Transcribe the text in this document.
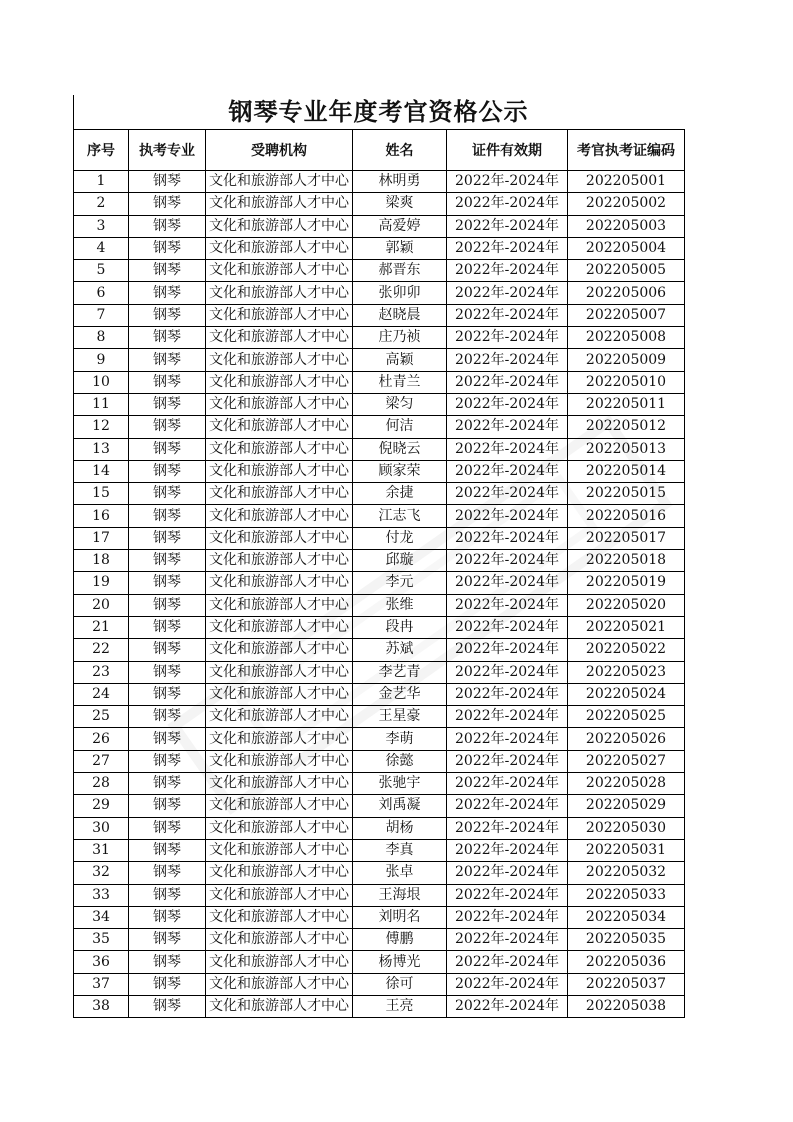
钢琴专业年度考官资格公示
序号	执考专业	受聘机构	姓名	证件有效期	考官执考证编码
1	钢琴	文化和旅游部人才中心	林明勇	2022年-2024年	202205001
2	钢琴	文化和旅游部人才中心	梁爽	2022年-2024年	202205002
3	钢琴	文化和旅游部人才中心	高爱婷	2022年-2024年	202205003
4	钢琴	文化和旅游部人才中心	郭颖	2022年-2024年	202205004
5	钢琴	文化和旅游部人才中心	郝晋东	2022年-2024年	202205005
6	钢琴	文化和旅游部人才中心	张卯卯	2022年-2024年	202205006
7	钢琴	文化和旅游部人才中心	赵晓晨	2022年-2024年	202205007
8	钢琴	文化和旅游部人才中心	庄乃祯	2022年-2024年	202205008
9	钢琴	文化和旅游部人才中心	高颖	2022年-2024年	202205009
10	钢琴	文化和旅游部人才中心	杜青兰	2022年-2024年	202205010
11	钢琴	文化和旅游部人才中心	梁匀	2022年-2024年	202205011
12	钢琴	文化和旅游部人才中心	何洁	2022年-2024年	202205012
13	钢琴	文化和旅游部人才中心	倪晓云	2022年-2024年	202205013
14	钢琴	文化和旅游部人才中心	顾家荣	2022年-2024年	202205014
15	钢琴	文化和旅游部人才中心	余捷	2022年-2024年	202205015
16	钢琴	文化和旅游部人才中心	江志飞	2022年-2024年	202205016
17	钢琴	文化和旅游部人才中心	付龙	2022年-2024年	202205017
18	钢琴	文化和旅游部人才中心	邱璇	2022年-2024年	202205018
19	钢琴	文化和旅游部人才中心	李元	2022年-2024年	202205019
20	钢琴	文化和旅游部人才中心	张维	2022年-2024年	202205020
21	钢琴	文化和旅游部人才中心	段冉	2022年-2024年	202205021
22	钢琴	文化和旅游部人才中心	苏斌	2022年-2024年	202205022
23	钢琴	文化和旅游部人才中心	李艺青	2022年-2024年	202205023
24	钢琴	文化和旅游部人才中心	金艺华	2022年-2024年	202205024
25	钢琴	文化和旅游部人才中心	王星豪	2022年-2024年	202205025
26	钢琴	文化和旅游部人才中心	李萌	2022年-2024年	202205026
27	钢琴	文化和旅游部人才中心	徐懿	2022年-2024年	202205027
28	钢琴	文化和旅游部人才中心	张驰宇	2022年-2024年	202205028
29	钢琴	文化和旅游部人才中心	刘禹凝	2022年-2024年	202205029
30	钢琴	文化和旅游部人才中心	胡杨	2022年-2024年	202205030
31	钢琴	文化和旅游部人才中心	李真	2022年-2024年	202205031
32	钢琴	文化和旅游部人才中心	张卓	2022年-2024年	202205032
33	钢琴	文化和旅游部人才中心	王海垠	2022年-2024年	202205033
34	钢琴	文化和旅游部人才中心	刘明名	2022年-2024年	202205034
35	钢琴	文化和旅游部人才中心	傅鹏	2022年-2024年	202205035
36	钢琴	文化和旅游部人才中心	杨博光	2022年-2024年	202205036
37	钢琴	文化和旅游部人才中心	徐可	2022年-2024年	202205037
38	钢琴	文化和旅游部人才中心	王亮	2022年-2024年	202205038
